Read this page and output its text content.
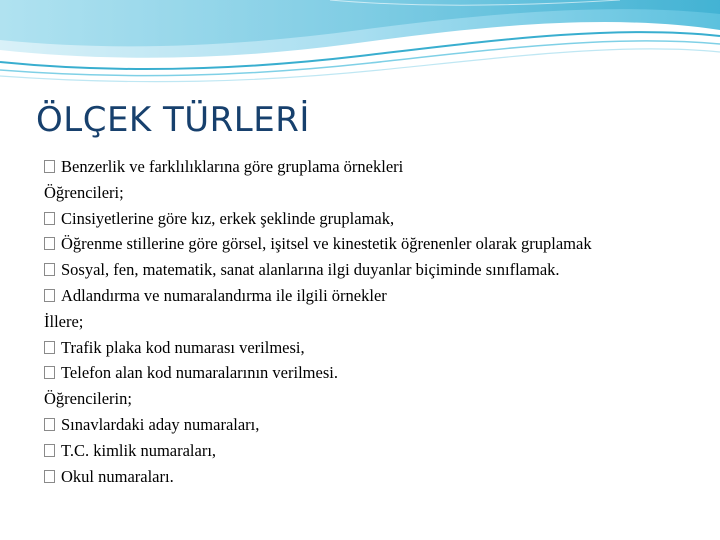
ÖLÇEK TÜRLERİ

Benzerlik ve farklılıklarına göre gruplama örnekleri

Öğrencileri;

Cinsiyetlerine göre kız, erkek şeklinde gruplamak,

Öğrenme stillerine göre görsel, işitsel ve kinestetik öğrenenler olarak gruplamak

Sosyal, fen, matematik, sanat alanlarına ilgi duyanlar biçiminde sınıflamak.

Adlandırma ve numaralandırma ile ilgili örnekler

İllere;

Trafik plaka kod numarası verilmesi,

Telefon alan kod numaralarının verilmesi.

Öğrencilerin;

Sınavlardaki aday numaraları,

T.C. kimlik numaraları,

Okul numaraları.
